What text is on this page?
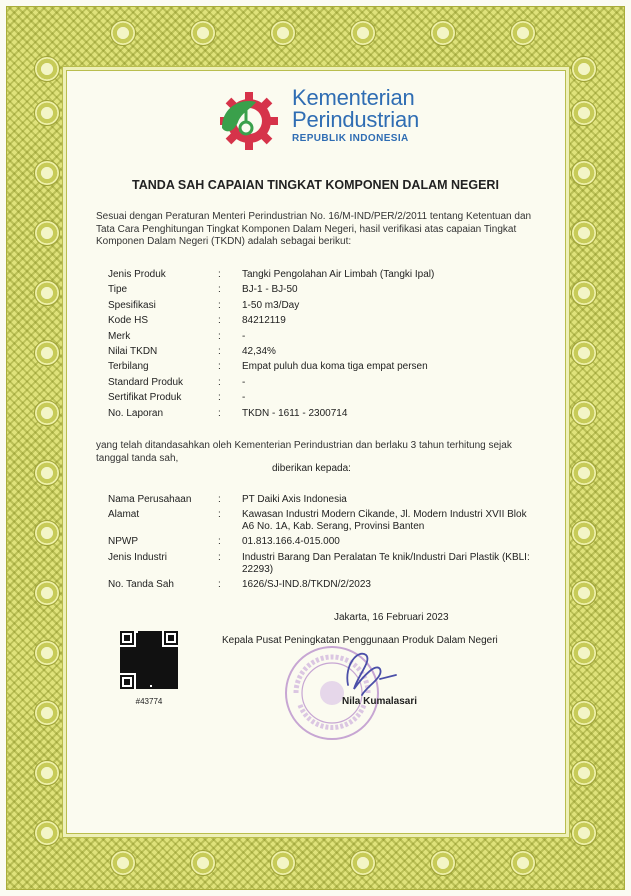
Kementerian
Perindustrian
REPUBLIK INDONESIA
TANDA SAH CAPAIAN TINGKAT KOMPONEN DALAM NEGERI
Sesuai dengan Peraturan Menteri Perindustrian No. 16/M-IND/PER/2/2011 tentang Ketentuan dan Tata Cara Penghitungan Tingkat Komponen Dalam Negeri, hasil verifikasi atas capaian Tingkat Komponen Dalam Negeri (TKDN) adalah sebagai berikut:
Jenis Produk	: Tangki Pengolahan Air Limbah (Tangki Ipal)
Tipe	: BJ-1 - BJ-50
Spesifikasi	: 1-50 m3/Day
Kode HS	: 84212119
Merk	: -
Nilai TKDN	: 42,34%
Terbilang	: Empat puluh dua koma tiga empat persen
Standard Produk	: -
Sertifikat Produk	: -
No. Laporan	: TKDN - 1611 - 2300714
yang telah ditandasahkan oleh Kementerian Perindustrian dan berlaku 3 tahun terhitung sejak tanggal tanda sah,
diberikan kepada:
Nama Perusahaan	: PT Daiki Axis Indonesia
Alamat	: Kawasan Industri Modern Cikande, Jl. Modern Industri XVII Blok A6 No. 1A, Kab. Serang, Provinsi Banten
NPWP	: 01.813.166.4-015.000
Jenis Industri	: Industri Barang Dan Peralatan Te knik/Industri Dari Plastik (KBLI: 22293)
No. Tanda Sah	: 1626/SJ-IND.8/TKDN/2/2023
Jakarta, 16 Februari 2023
Kepala Pusat Peningkatan Penggunaan Produk Dalam Negeri
Nila Kumalasari
#43774
